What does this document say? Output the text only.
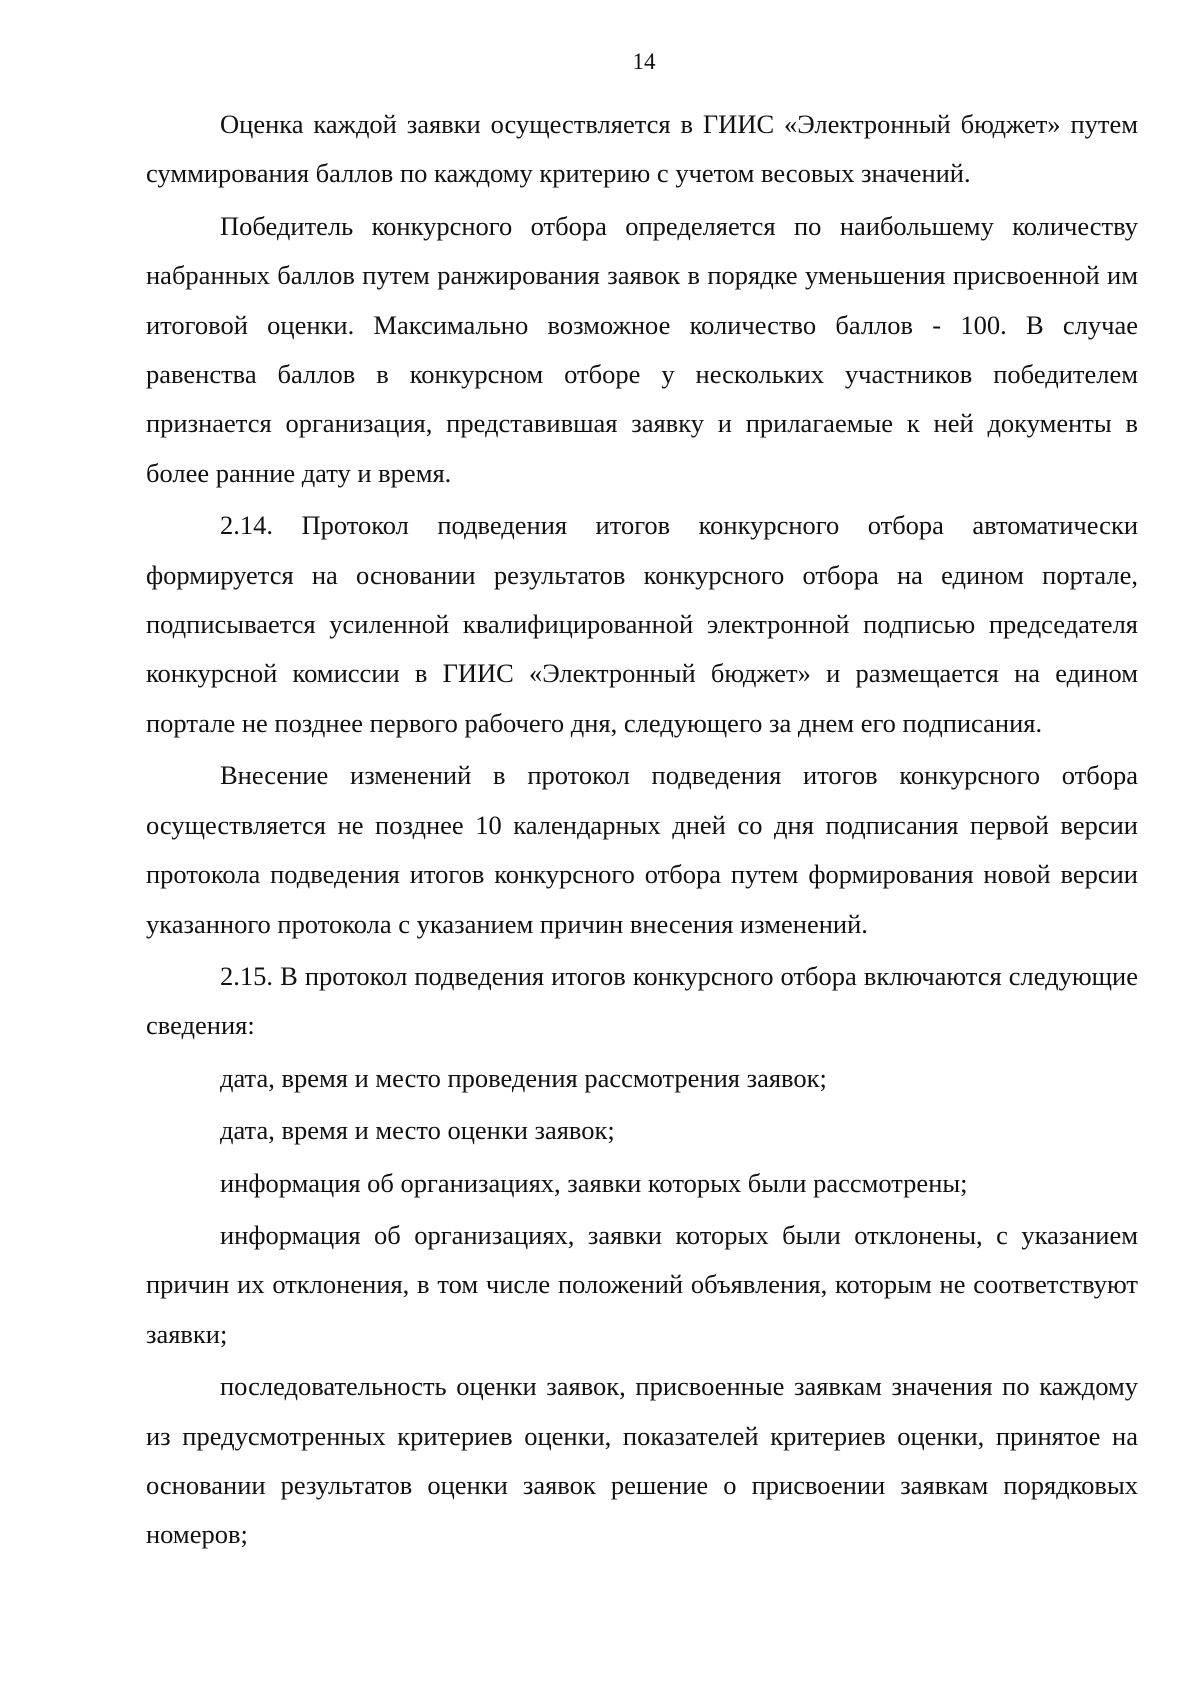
14

Оценка каждой заявки осуществляется в ГИИС «Электронный бюджет» путем суммирования баллов по каждому критерию с учетом весовых значений.

Победитель конкурсного отбора определяется по наибольшему количеству набранных баллов путем ранжирования заявок в порядке уменьшения присвоенной им итоговой оценки. Максимально возможное количество баллов - 100. В случае равенства баллов в конкурсном отборе у нескольких участников победителем признается организация, представившая заявку и прилагаемые к ней документы в более ранние дату и время.

2.14. Протокол подведения итогов конкурсного отбора автоматически формируется на основании результатов конкурсного отбора на едином портале, подписывается усиленной квалифицированной электронной подписью председателя конкурсной комиссии в ГИИС «Электронный бюджет» и размещается на едином портале не позднее первого рабочего дня, следующего за днем его подписания.

Внесение изменений в протокол подведения итогов конкурсного отбора осуществляется не позднее 10 календарных дней со дня подписания первой версии протокола подведения итогов конкурсного отбора путем формирования новой версии указанного протокола с указанием причин внесения изменений.

2.15. В протокол подведения итогов конкурсного отбора включаются следующие сведения:

дата, время и место проведения рассмотрения заявок;

дата, время и место оценки заявок;

информация об организациях, заявки которых были рассмотрены;

информация об организациях, заявки которых были отклонены, с указанием причин их отклонения, в том числе положений объявления, которым не соответствуют заявки;

последовательность оценки заявок, присвоенные заявкам значения по каждому из предусмотренных критериев оценки, показателей критериев оценки, принятое на основании результатов оценки заявок решение о присвоении заявкам порядковых номеров;
